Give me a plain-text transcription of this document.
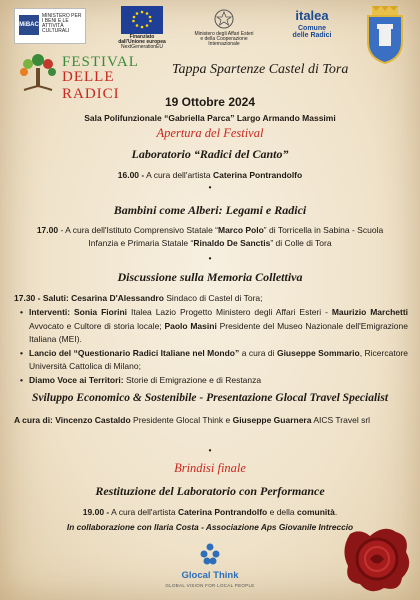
MiBAC
MINISTERO PER I BENI E LE ATTIVITÀ CULTURALI
Finanziato
dall'Unione europea
NextGenerationEU
Ministero degli Affari Esteri
e della Cooperazione Internazionale
italea
Comune
delle Radici
FESTIVAL
DELLE RADICI
Tappa Spartenze Castel di Tora
19 Ottobre 2024
Sala Polifunzionale “Gabriella Parca” Largo Armando Massimi
Apertura del Festival
Laboratorio “Radici del Canto”

16.00 - A cura dell'artista Caterina Pontrandolfo

•
Bambini come Alberi: Legami e Radici

17.00 - A cura dell'Istituto Comprensivo Statale “Marco Polo” di Torricella in Sabina - Scuola Infanzia e Primaria Statale “Rinaldo De Sanctis” di Colle di Tora

•
Discussione sulla Memoria Collettiva

17.30 - Saluti: Cesarina D'Alessandro Sindaco di Castel di Tora;

• Interventi: Sonia Fiorini Italea Lazio Progetto Ministero degli Affari Esteri - Maurizio Marchetti Avvocato e Cultore di storia locale; Paolo Masini Presidente del Museo Nazionale dell'Emigrazione Italiana (MEI).

• Lancio del “Questionario Radici Italiane nel Mondo” a cura di Giuseppe Sommario, Ricercatore Università Cattolica di Milano;

• Diamo Voce ai Territori: Storie di Emigrazione e di Restanza

Sviluppo Economico & Sostenibile - Presentazione Glocal Travel Specialist

A cura di: Vincenzo Castaldo Presidente Glocal Think e Giuseppe Guarnera AICS Travel srl

•
Brindisi finale
Restituzione del Laboratorio con Performance

19.00 - A cura dell'artista Caterina Pontrandolfo e della comunità.

In collaborazione con Ilaria Costa - Associazione Aps Giovanile Intreccio
Glocal Think
GLOBAL VISION FOR LOCAL PEOPLE
